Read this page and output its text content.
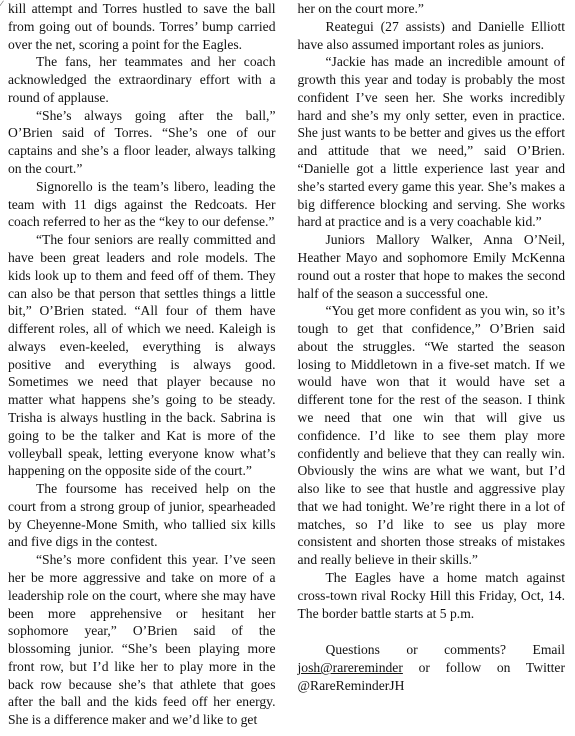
∕ kill attempt and Torres hustled to save the ball from going out of bounds. Torres’ bump carried over the net, scoring a point for the Eagles.

The fans, her teammates and her coach acknowledged the extraordinary effort with a round of applause.

“She’s always going after the ball,” O’Brien said of Torres. “She’s one of our captains and she’s a floor leader, always talking on the court.”

Signorello is the team’s libero, leading the team with 11 digs against the Redcoats. Her coach referred to her as the “key to our defense.”

“The four seniors are really committed and have been great leaders and role models. The kids look up to them and feed off of them. They can also be that person that settles things a little bit,” O’Brien stated. “All four of them have different roles, all of which we need. Kaleigh is always even-keeled, everything is always positive and everything is always good. Sometimes we need that player because no matter what happens she’s going to be steady. Trisha is always hustling in the back. Sabrina is going to be the talker and Kat is more of the volleyball speak, letting everyone know what’s happening on the opposite side of the court.”

The foursome has received help on the court from a strong group of junior, spearheaded by Cheyenne-Mone Smith, who tallied six kills and five digs in the contest.

“She’s more confident this year. I’ve seen her be more aggressive and take on more of a leadership role on the court, where she may have been more apprehensive or hesitant her sophomore year,” O’Brien said of the blossoming junior. “She’s been playing more front row, but I’d like her to play more in the back row because she’s that athlete that goes after the ball and the kids feed off her energy. She is a difference maker and we’d like to get

her on the court more.”

Reategui (27 assists) and Danielle Elliott have also assumed important roles as juniors.

“Jackie has made an incredible amount of growth this year and today is probably the most confident I’ve seen her. She works incredibly hard and she’s my only setter, even in practice. She just wants to be better and gives us the effort and attitude that we need,” said O’Brien. “Danielle got a little experience last year and she’s started every game this year. She’s makes a big difference blocking and serving. She works hard at practice and is a very coachable kid.”

Juniors Mallory Walker, Anna O’Neil, Heather Mayo and sophomore Emily McKenna round out a roster that hope to makes the second half of the season a successful one.

“You get more confident as you win, so it’s tough to get that confidence,” O’Brien said about the struggles. “We started the season losing to Middletown in a five-set match. If we would have won that it would have set a different tone for the rest of the season. I think we need that one win that will give us confidence. I’d like to see them play more confidently and believe that they can really win. Obviously the wins are what we want, but I’d also like to see that hustle and aggressive play that we had tonight. We’re right there in a lot of matches, so I’d like to see us play more consistent and shorten those streaks of mistakes and really believe in their skills.”

The Eagles have a home match against cross-town rival Rocky Hill this Friday, Oct, 14. The border battle starts at 5 p.m.

Questions or comments? Email josh@rarereminder or follow on Twitter @RareReminderJH
